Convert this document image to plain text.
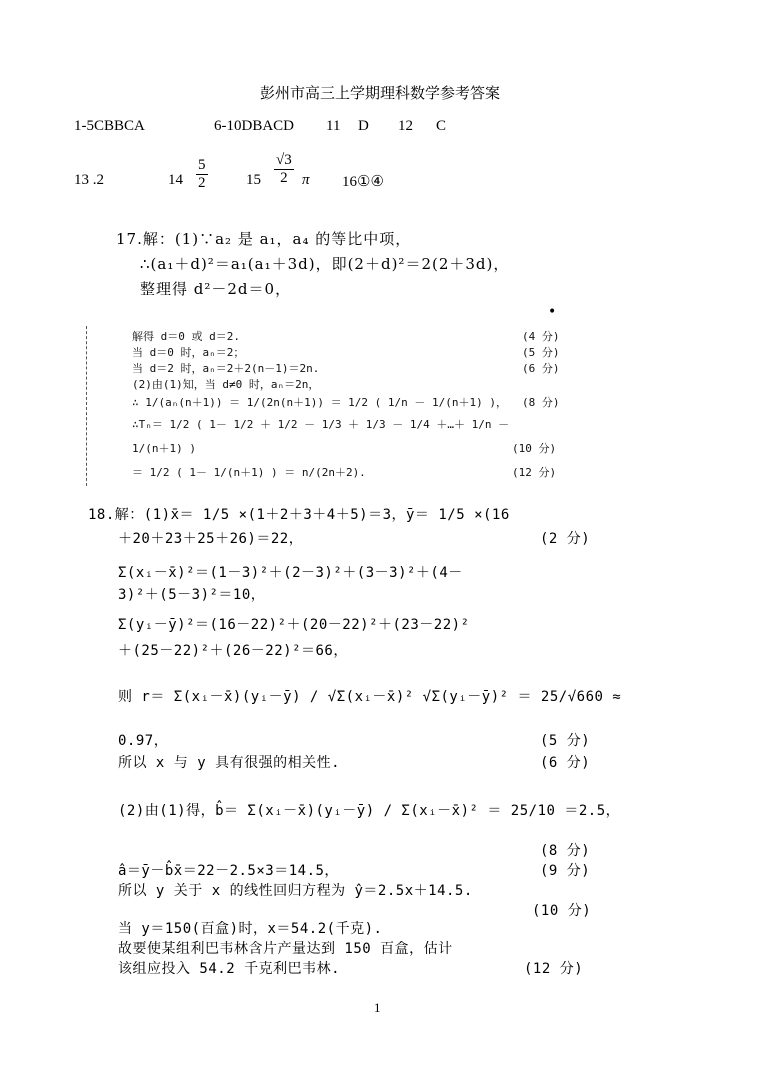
彭州市高三上学期理科数学参考答案
1-5CBBCA	6-10DBACD 11 D 12 C
13 .2	$14 \frac{5}{2}$	$15 \frac{√3}{2}$ π 16①④
17.解：(1)∵a₂ 是 a₁，a₄ 的等比中项，
∴(a₁＋d)²＝a₁(a₁＋3d)，即(2＋d)²＝2(2＋3d)，
整理得 d²－2d＝0，
•
解得 d＝0 或 d＝2.	(4 分)
当 d＝0 时，aₙ＝2；	(5 分)
当 d＝2 时，aₙ＝2＋2(n－1)＝2n.	(6 分)
(2)由(1)知，当 d≠0 时，aₙ＝2n，
∴ 1/(aₙ(n＋1)) ＝ 1/(2n(n＋1)) ＝ 1/2 ( 1/n － 1/(n＋1) )， (8 分)
∴Tₙ＝ 1/2 ( 1－ 1/2 ＋ 1/2 － 1/3 ＋ 1/3 － 1/4 ＋…＋ 1/n －
1/(n＋1) )	(10 分)
＝ 1/2 ( 1－ 1/(n＋1) ) ＝ n/(2n＋2).	(12 分)
18.解：(1)x̄＝ 1/5 ×(1＋2＋3＋4＋5)＝3，ȳ＝ 1/5 ×(16
＋20＋23＋25＋26)＝22，	(2 分)
Σ(xᵢ－x̄)²＝(1－3)²＋(2－3)²＋(3－3)²＋(4－
3)²＋(5－3)²＝10，
Σ(yᵢ－ȳ)²＝(16－22)²＋(20－22)²＋(23－22)²
＋(25－22)²＋(26－22)²＝66，
则 r＝ Σ(xᵢ－x̄)(yᵢ－ȳ) / √Σ(xᵢ－x̄)² √Σ(yᵢ－ȳ)² ＝ 25/√660 ≈
0.97，	(5 分)
所以 x 与 y 具有很强的相关性.	(6 分)
(2)由(1)得，b̂＝ Σ(xᵢ－x̄)(yᵢ－ȳ) / Σ(xᵢ－x̄)² ＝ 25/10 ＝2.5，
(8 分)
â＝ȳ－b̂x̄＝22－2.5×3＝14.5，	(9 分)
所以 y 关于 x 的线性回归方程为 ŷ＝2.5x＋14.5.
(10 分)
当 y＝150(百盒)时，x＝54.2(千克).
故要使某组利巴韦林含片产量达到 150 百盒，估计
该组应投入 54.2 千克利巴韦林.	(12 分)
1
